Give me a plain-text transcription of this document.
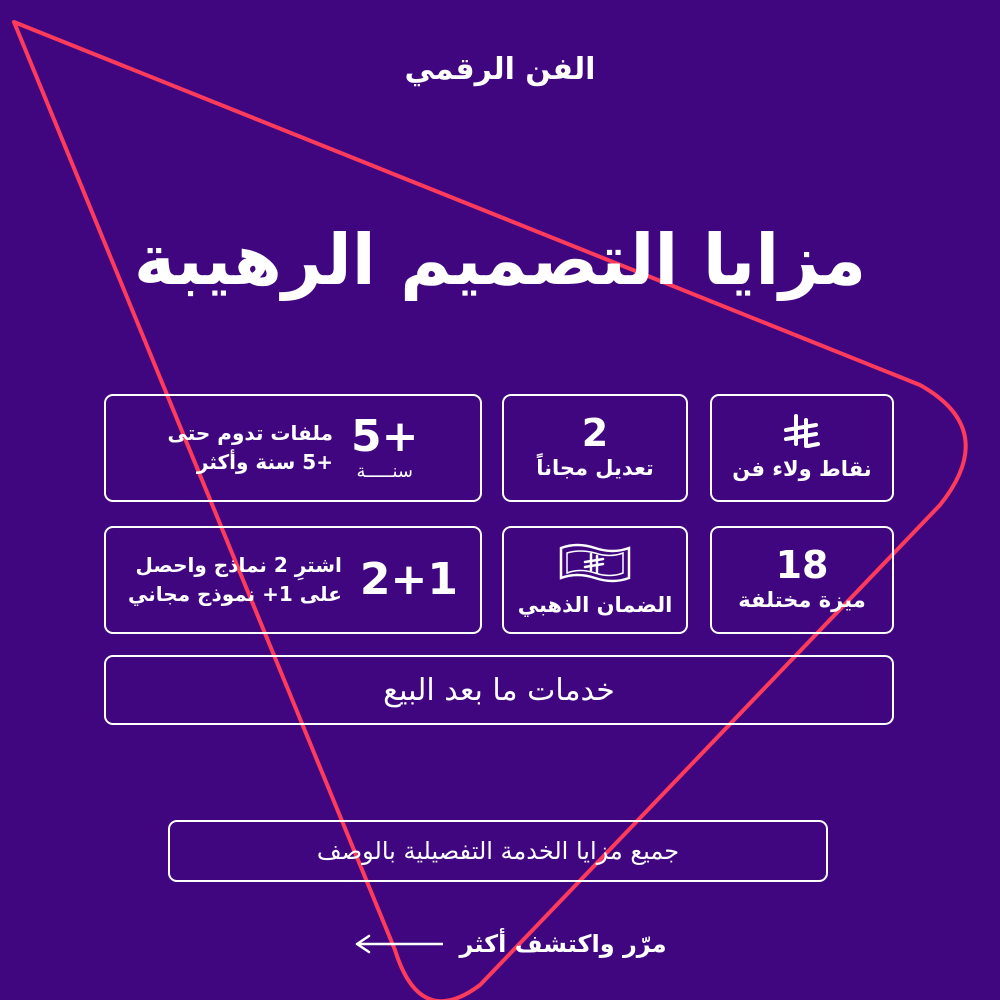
الفن الرقمي
مزايا التصميم الرهيبة
نقاط ولاء فن
2
تعديل مجاناً
+5
سنـــــة
ملفات تدوم حتى
+5 سنة وأكثر
18
ميزة مختلفة
الضمان الذهبي
2+1
اشترِ 2 نماذج واحصل
على 1+ نموذج مجاني
خدمات ما بعد البيع
جميع مزايا الخدمة التفصيلية بالوصف
مرّر واكتشف أكثر
